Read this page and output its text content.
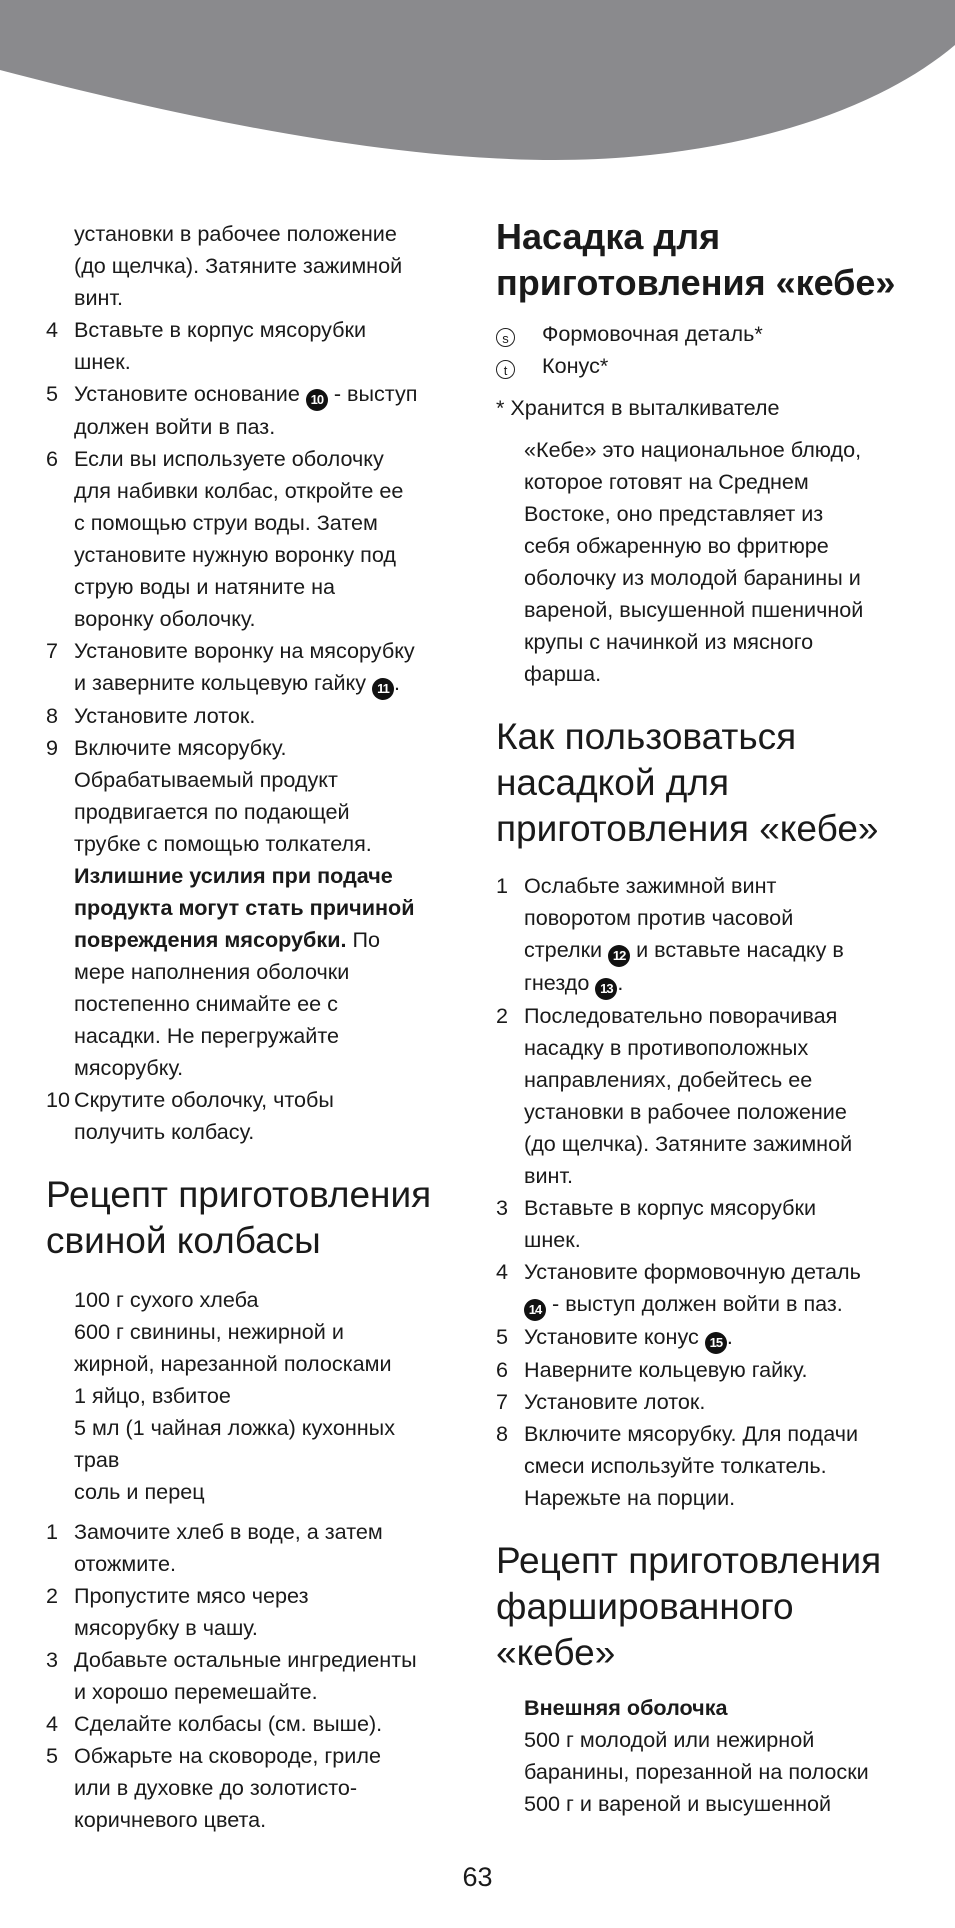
установки в рабочее положение
(до щелчка). Затяните зажимной
винт.
4 Вставьте в корпус мясорубки
шнек.
5 Установите основание 10 - выступ
должен войти в паз.
6 Если вы используете оболочку
для набивки колбас, откройте ее
с помощью струи воды. Затем
установите нужную воронку под
струю воды и натяните на
воронку оболочку.
7 Установите воронку на мясорубку
и заверните кольцевую гайку 11 .
8 Установите лоток.
9 Включите мясорубку.
Обрабатываемый продукт
продвигается по подающей
трубке с помощью толкателя.
Излишние усилия при подаче
продукта могут стать причиной
повреждения мясорубки. По
мере наполнения оболочки
постепенно снимайте ее с
насадки. Не перегружайте
мясорубку.
10 Скрутите оболочку, чтобы
получить колбасу.
Рецепт приготовления
свиной колбасы
100 г сухого хлеба
600 г свинины, нежирной и
жирной, нарезанной полосками
1 яйцо, взбитое
5 мл (1 чайная ложка) кухонных
трав
соль и перец
1 Замочите хлеб в воде, а затем
отожмите.
2 Пропустите мясо через
мясорубку в чашу.
3 Добавьте остальные ингредиенты
и хорошо перемешайте.
4 Сделайте колбасы (см. выше).
5 Обжарьте на сковороде, гриле
или в духовке до золотисто-
коричневого цвета.
Насадка для
приготовления «кебе»
s	Формовочная деталь*
t	Конус*
* Хранится в выталкивателе
«Кебе» это национальное блюдо,
которое готовят на Среднем
Востоке, оно представляет из
себя обжаренную во фритюре
оболочку из молодой баранины и
вареной, высушенной пшеничной
крупы с начинкой из мясного
фарша.
Как пользоваться
насадкой для
приготовления «кебе»
1 Ослабьте зажимной винт
поворотом против часовой
стрелки 12 и вставьте насадку в
гнездо 13 .
2 Последовательно поворачивая
насадку в противоположных
направлениях, добейтесь ее
установки в рабочее положение
(до щелчка). Затяните зажимной
винт.
3 Вставьте в корпус мясорубки
шнек.
4 Установите формовочную деталь
14 - выступ должен войти в паз.
5 Установите конус 15 .
6 Наверните кольцевую гайку.
7 Установите лоток.
8 Включите мясорубку. Для подачи
смеси используйте толкатель.
Нарежьте на порции.
Рецепт приготовления
фаршированного
«кебе»
Внешняя оболочка
500 г молодой или нежирной
баранины, порезанной на полоски
500 г и вареной и высушенной
63
